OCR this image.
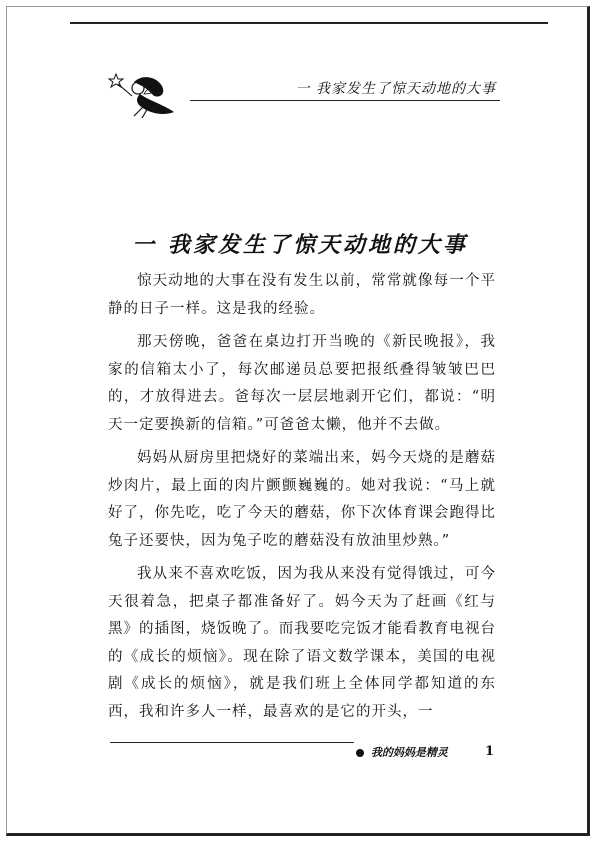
一 我家发生了惊天动地的大事
一 我家发生了惊天动地的大事

惊天动地的大事在没有发生以前，常常就像每一个平静的日子一样。这是我的经验。

那天傍晚，爸爸在桌边打开当晚的《新民晚报》，我家的信箱太小了，每次邮递员总要把报纸叠得皱皱巴巴的，才放得进去。爸每次一层层地剥开它们，都说：“明天一定要换新的信箱。”可爸爸太懒，他并不去做。

妈妈从厨房里把烧好的菜端出来，妈今天烧的是蘑菇炒肉片，最上面的肉片颤颤巍巍的。她对我说：“马上就好了，你先吃，吃了今天的蘑菇，你下次体育课会跑得比兔子还要快，因为兔子吃的蘑菇没有放油里炒熟。”

我从来不喜欢吃饭，因为我从来没有觉得饿过，可今天很着急，把桌子都准备好了。妈今天为了赶画《红与黑》的插图，烧饭晚了。而我要吃完饭才能看教育电视台的《成长的烦恼》。现在除了语文数学课本，美国的电视剧《成长的烦恼》，就是我们班上全体同学都知道的东西，我和许多人一样，最喜欢的是它的开头，一

我的妈妈是精灵	1
